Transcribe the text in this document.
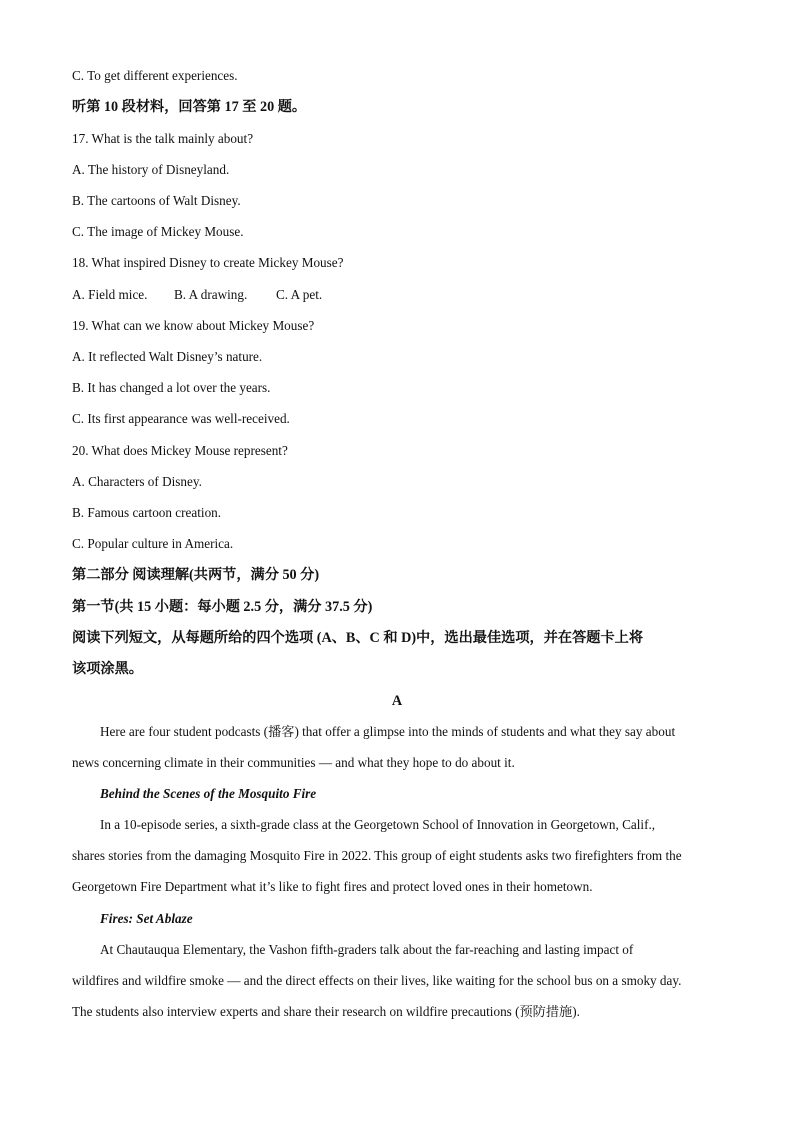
C. To get different experiences.
听第 10 段材料，回答第 17 至 20 题。
17. What is the talk mainly about?
A. The history of Disneyland.
B. The cartoons of Walt Disney.
C. The image of Mickey Mouse.
18. What inspired Disney to create Mickey Mouse?
A. Field mice. B. A drawing. C. A pet.
19. What can we know about Mickey Mouse?
A. It reflected Walt Disney’s nature.
B. It has changed a lot over the years.
C. Its first appearance was well-received.
20. What does Mickey Mouse represent?
A. Characters of Disney.
B. Famous cartoon creation.
C. Popular culture in America.
第二部分 阅读理解(共两节，满分 50 分)
第一节(共 15 小题：每小题 2.5 分，满分 37.5 分)
阅读下列短文，从每题所给的四个选项 (A、B、C 和 D)中，选出最佳选项，并在答题卡上将
该项涂黑。
A
Here are four student podcasts (播客) that offer a glimpse into the minds of students and what they say about
news concerning climate in their communities — and what they hope to do about it.
Behind the Scenes of the Mosquito Fire
In a 10-episode series, a sixth-grade class at the Georgetown School of Innovation in Georgetown, Calif.,
shares stories from the damaging Mosquito Fire in 2022. This group of eight students asks two firefighters from the
Georgetown Fire Department what it’s like to fight fires and protect loved ones in their hometown.
Fires: Set Ablaze
At Chautauqua Elementary, the Vashon fifth-graders talk about the far-reaching and lasting impact of
wildfires and wildfire smoke — and the direct effects on their lives, like waiting for the school bus on a smoky day.
The students also interview experts and share their research on wildfire precautions (预防措施).
